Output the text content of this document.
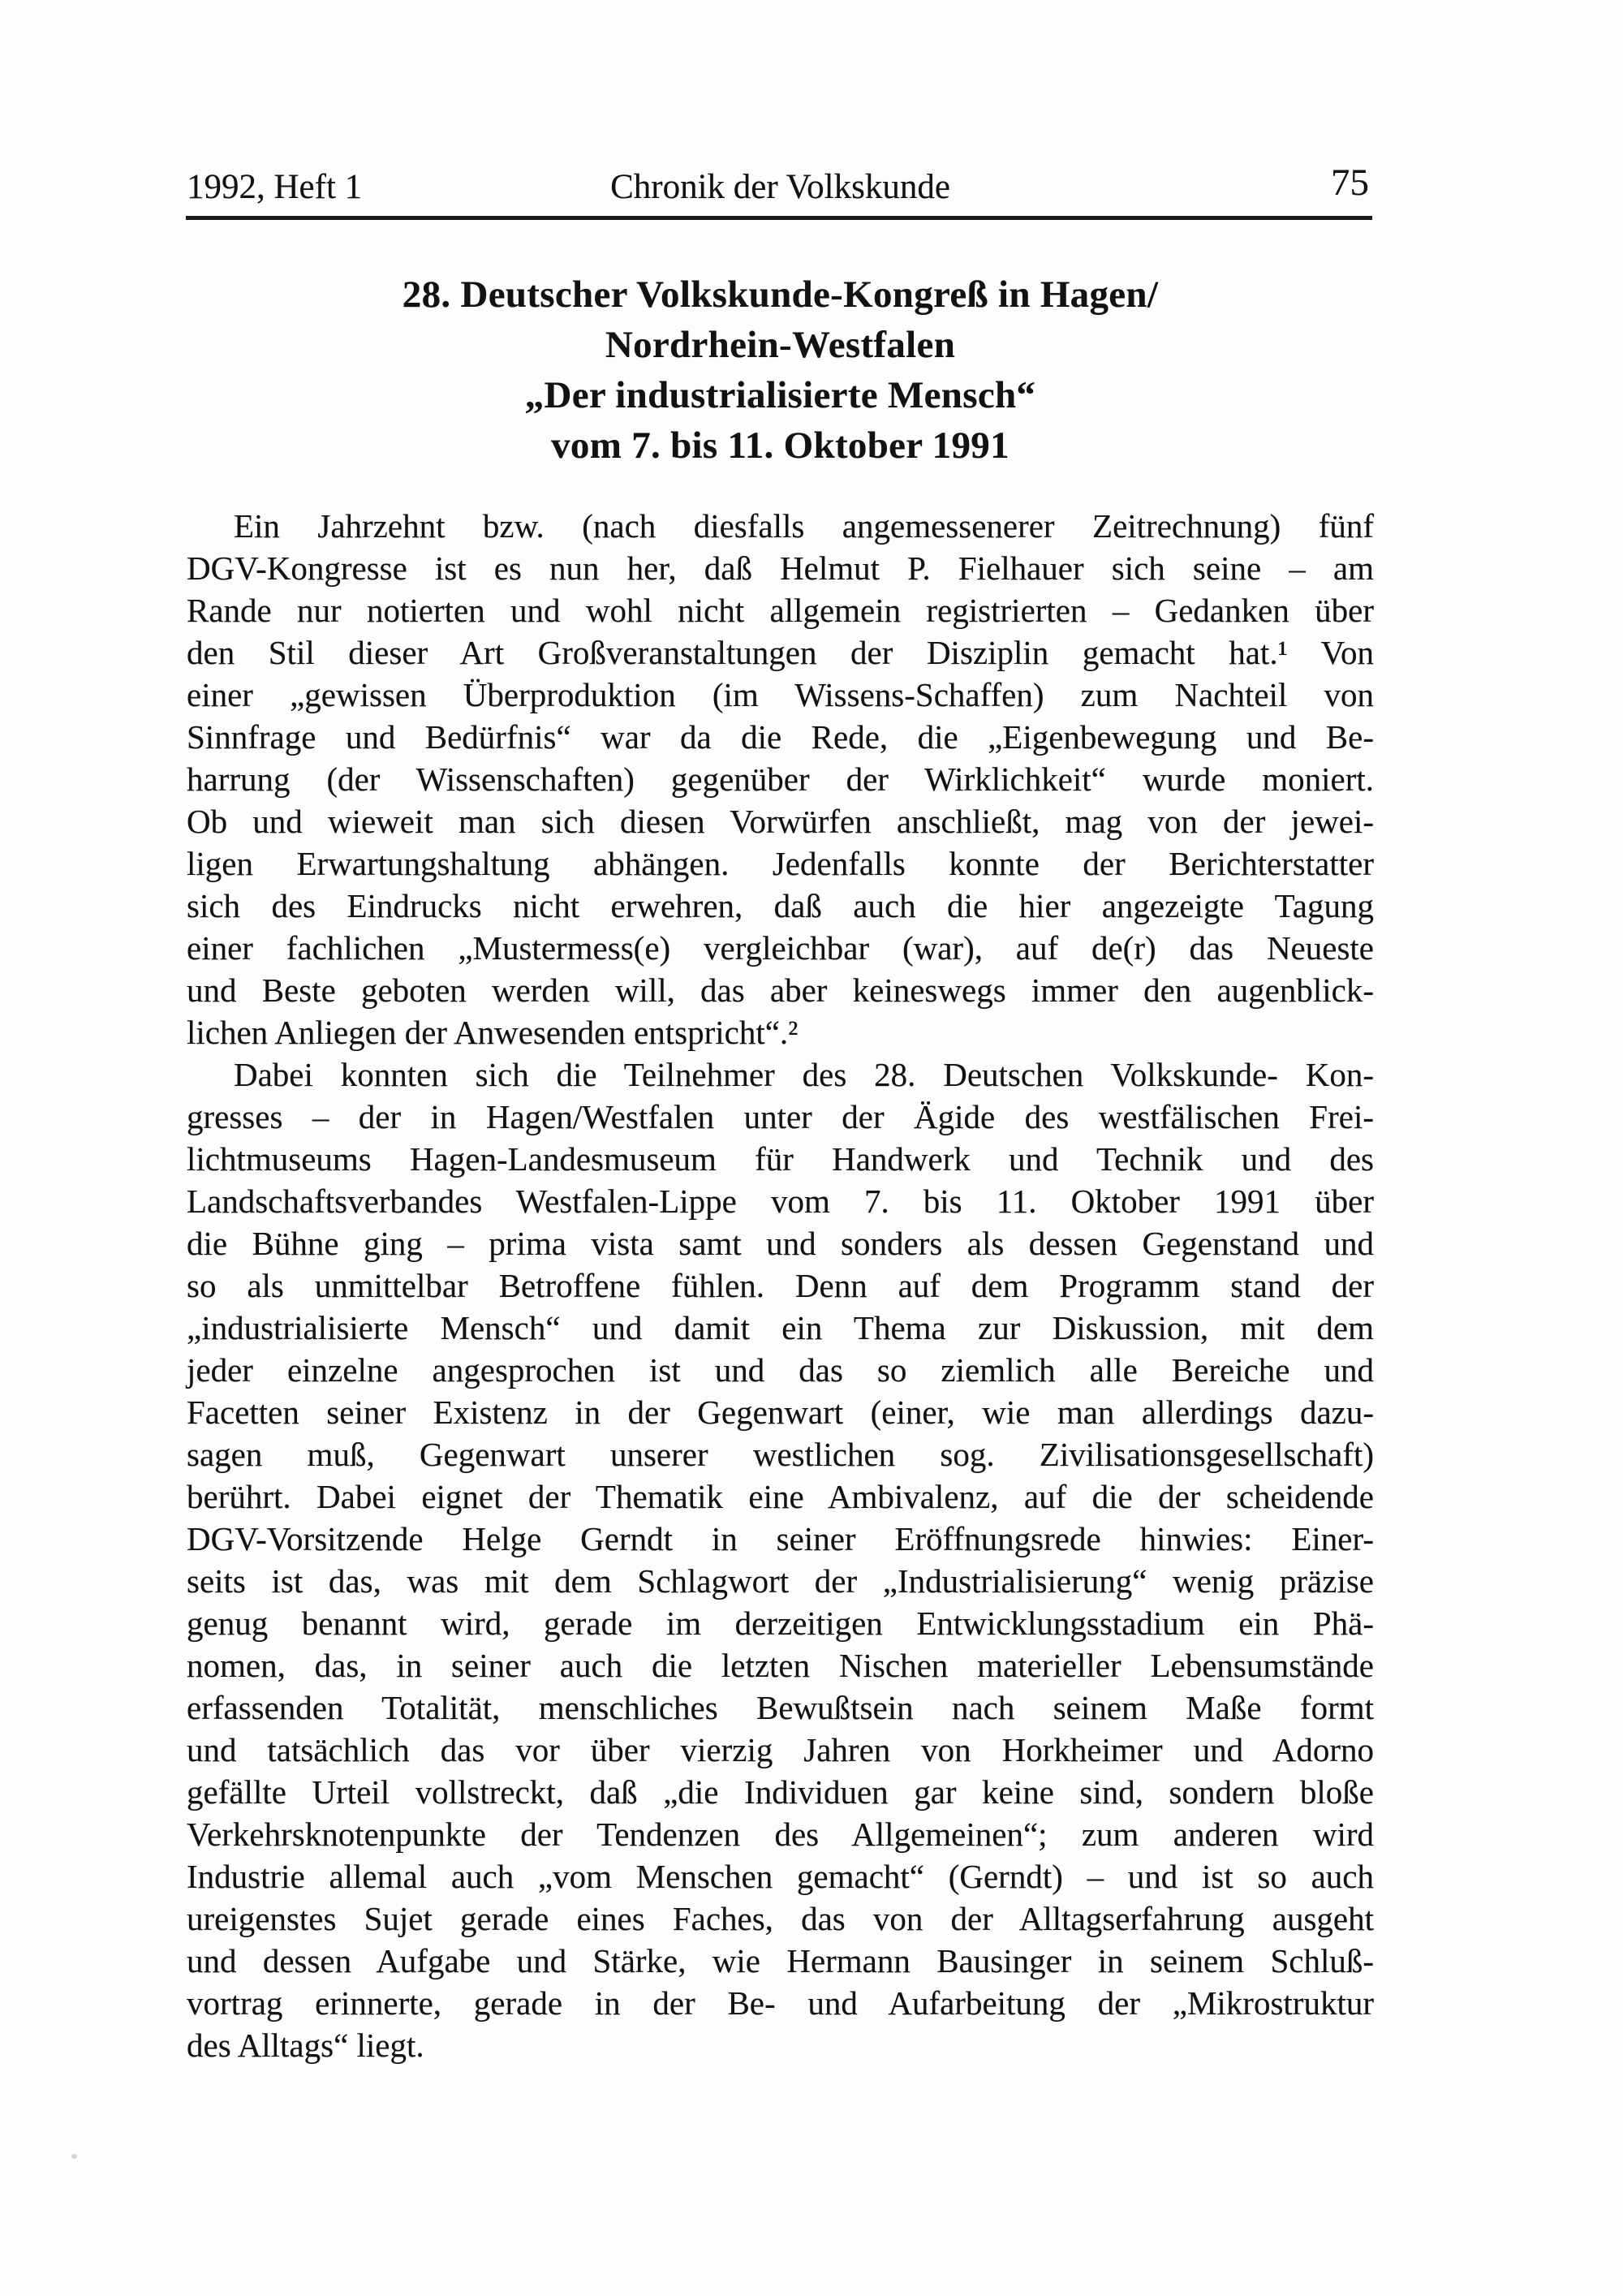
1992, Heft 1	Chronik der Volkskunde	75
28. Deutscher Volkskunde-Kongreß in Hagen/
Nordrhein-Westfalen
„Der industrialisierte Mensch“
vom 7. bis 11. Oktober 1991
Ein Jahrzehnt bzw. (nach diesfalls angemessenerer Zeitrechnung) fünf
DGV-Kongresse ist es nun her, daß Helmut P. Fielhauer sich seine – am
Rande nur notierten und wohl nicht allgemein registrierten – Gedanken über
den Stil dieser Art Großveranstaltungen der Disziplin gemacht hat.¹ Von
einer „gewissen Überproduktion (im Wissens-Schaffen) zum Nachteil von
Sinnfrage und Bedürfnis“ war da die Rede, die „Eigenbewegung und Be-
harrung (der Wissenschaften) gegenüber der Wirklichkeit“ wurde moniert.
Ob und wieweit man sich diesen Vorwürfen anschließt, mag von der jewei-
ligen Erwartungshaltung abhängen. Jedenfalls konnte der Berichterstatter
sich des Eindrucks nicht erwehren, daß auch die hier angezeigte Tagung
einer fachlichen „Mustermess(e) vergleichbar (war), auf de(r) das Neueste
und Beste geboten werden will, das aber keineswegs immer den augenblick-
lichen Anliegen der Anwesenden entspricht“.²
Dabei konnten sich die Teilnehmer des 28. Deutschen Volkskunde- Kon-
gresses – der in Hagen/Westfalen unter der Ägide des westfälischen Frei-
lichtmuseums Hagen-Landesmuseum für Handwerk und Technik und des
Landschaftsverbandes Westfalen-Lippe vom 7. bis 11. Oktober 1991 über
die Bühne ging – prima vista samt und sonders als dessen Gegenstand und
so als unmittelbar Betroffene fühlen. Denn auf dem Programm stand der
„industrialisierte Mensch“ und damit ein Thema zur Diskussion, mit dem
jeder einzelne angesprochen ist und das so ziemlich alle Bereiche und
Facetten seiner Existenz in der Gegenwart (einer, wie man allerdings dazu-
sagen muß, Gegenwart unserer westlichen sog. Zivilisationsgesellschaft)
berührt. Dabei eignet der Thematik eine Ambivalenz, auf die der scheidende
DGV-Vorsitzende Helge Gerndt in seiner Eröffnungsrede hinwies: Einer-
seits ist das, was mit dem Schlagwort der „Industrialisierung“ wenig präzise
genug benannt wird, gerade im derzeitigen Entwicklungsstadium ein Phä-
nomen, das, in seiner auch die letzten Nischen materieller Lebensumstände
erfassenden Totalität, menschliches Bewußtsein nach seinem Maße formt
und tatsächlich das vor über vierzig Jahren von Horkheimer und Adorno
gefällte Urteil vollstreckt, daß „die Individuen gar keine sind, sondern bloße
Verkehrsknotenpunkte der Tendenzen des Allgemeinen“; zum anderen wird
Industrie allemal auch „vom Menschen gemacht“ (Gerndt) – und ist so auch
ureigenstes Sujet gerade eines Faches, das von der Alltagserfahrung ausgeht
und dessen Aufgabe und Stärke, wie Hermann Bausinger in seinem Schluß-
vortrag erinnerte, gerade in der Be- und Aufarbeitung der „Mikrostruktur
des Alltags“ liegt.
